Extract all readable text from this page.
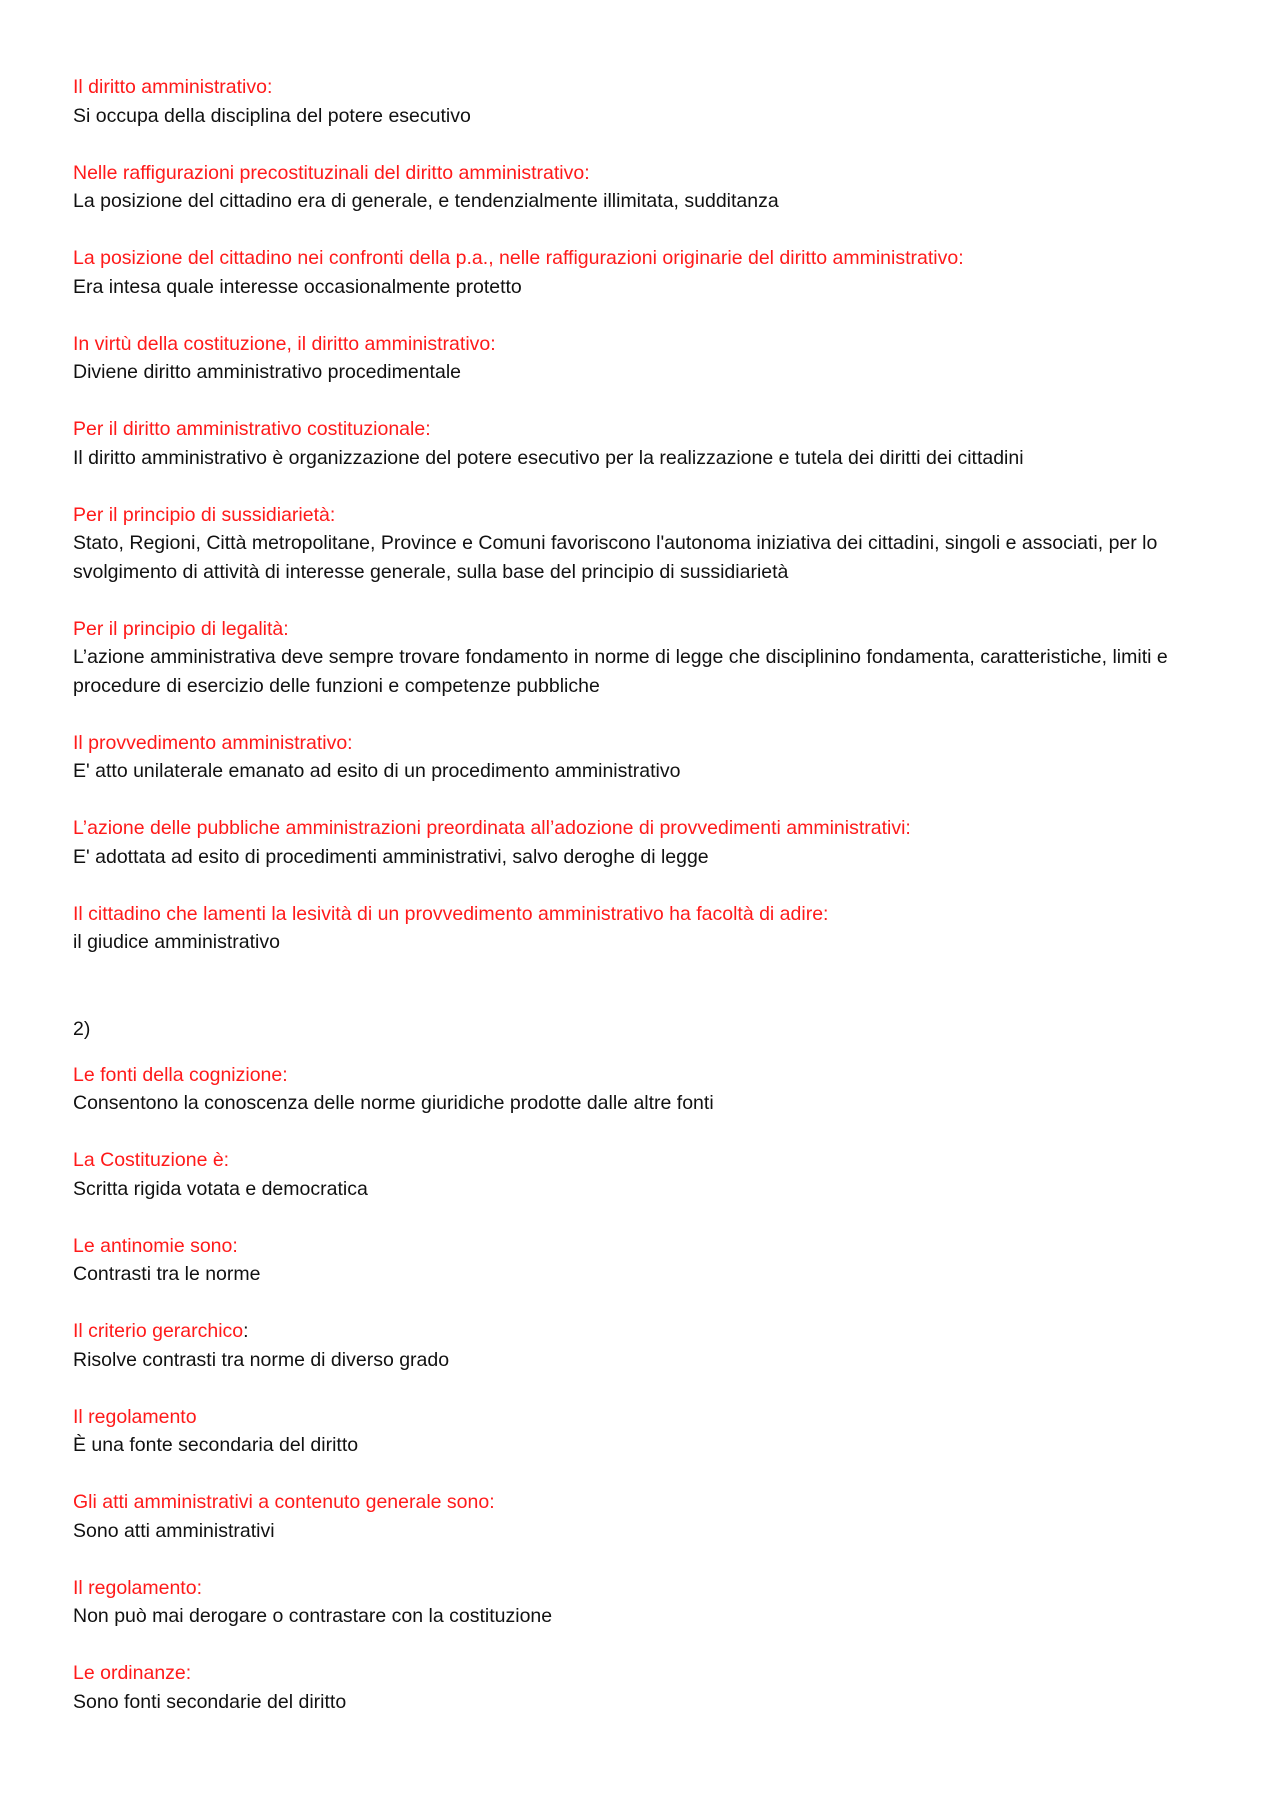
Il diritto amministrativo:
Si occupa della disciplina del potere esecutivo
Nelle raffigurazioni precostituzinali del diritto amministrativo:
La posizione del cittadino era di generale, e tendenzialmente illimitata, sudditanza
La posizione del cittadino nei confronti della p.a., nelle raffigurazioni originarie del diritto amministrativo:
Era intesa quale interesse occasionalmente protetto
In virtù della costituzione, il diritto amministrativo:
Diviene diritto amministrativo procedimentale
Per il diritto amministrativo costituzionale:
Il diritto amministrativo è organizzazione del potere esecutivo per la realizzazione e tutela dei diritti dei cittadini
Per il principio di sussidiarietà:
Stato, Regioni, Città metropolitane, Province e Comuni favoriscono l'autonoma iniziativa dei cittadini, singoli e associati, per lo svolgimento di attività di interesse generale, sulla base del principio di sussidiarietà
Per il principio di legalità:
L’azione amministrativa deve sempre trovare fondamento in norme di legge che disciplinino fondamenta, caratteristiche, limiti e procedure di esercizio delle funzioni e competenze pubbliche
Il provvedimento amministrativo:
E' atto unilaterale emanato ad esito di un procedimento amministrativo
L’azione delle pubbliche amministrazioni preordinata all’adozione di provvedimenti amministrativi:
E' adottata ad esito di procedimenti amministrativi, salvo deroghe di legge
Il cittadino che lamenti la lesività di un provvedimento amministrativo ha facoltà di adire:
il giudice amministrativo
2)
Le fonti della cognizione:
Consentono la conoscenza delle norme giuridiche prodotte dalle altre fonti
La Costituzione è:
Scritta rigida votata e democratica
Le antinomie sono:
Contrasti tra le norme
Il criterio gerarchico:
Risolve contrasti tra norme di diverso grado
Il regolamento
È una fonte secondaria del diritto
Gli atti amministrativi a contenuto generale sono:
Sono atti amministrativi
Il regolamento:
Non può mai derogare o contrastare con la costituzione
Le ordinanze:
Sono fonti secondarie del diritto
